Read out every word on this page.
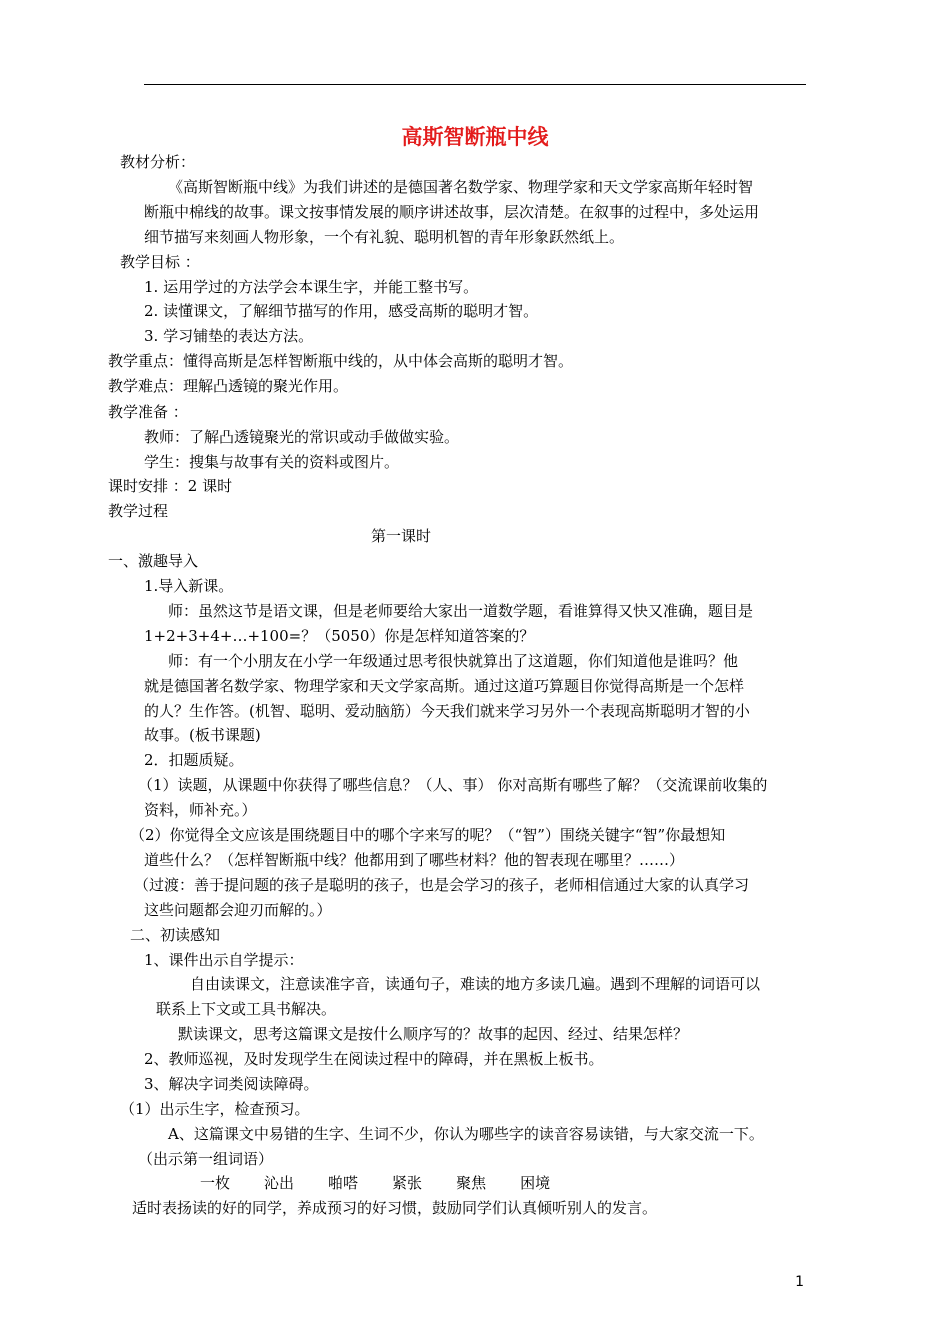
高斯智断瓶中线
教材分析：
《高斯智断瓶中线》为我们讲述的是德国著名数学家、物理学家和天文学家高斯年轻时智
断瓶中棉线的故事。课文按事情发展的顺序讲述故事，层次清楚。在叙事的过程中，多处运用
细节描写来刻画人物形象，一个有礼貌、聪明机智的青年形象跃然纸上。
教学目标 ：
1. 运用学过的方法学会本课生字，并能工整书写。
2. 读懂课文，了解细节描写的作用，感受高斯的聪明才智。
3. 学习铺垫的表达方法。
教学重点：懂得高斯是怎样智断瓶中线的，从中体会高斯的聪明才智。
教学难点：理解凸透镜的聚光作用。
教学准备 ：
教师：了解凸透镜聚光的常识或动手做做实验。
学生：搜集与故事有关的资料或图片。
课时安排 ：2 课时
教学过程
第一课时
一、激趣导入
1.导入新课。
师：虽然这节是语文课，但是老师要给大家出一道数学题，看谁算得又快又准确，题目是
1+2+3+4+…+100=？（5050）你是怎样知道答案的？
师：有一个小朋友在小学一年级通过思考很快就算出了这道题，你们知道他是谁吗？他
就是德国著名数学家、物理学家和天文学家高斯。通过这道巧算题目你觉得高斯是一个怎样
的人？生作答。(机智、聪明、爱动脑筋）今天我们就来学习另外一个表现高斯聪明才智的小
故事。(板书课题)
2．扣题质疑。
（1）读题，从课题中你获得了哪些信息？（人、事） 你对高斯有哪些了解？（交流课前收集的
资料，师补充。）
（2）你觉得全文应该是围绕题目中的哪个字来写的呢？（“智”）围绕关键字“智”你最想知
道些什么？（怎样智断瓶中线？他都用到了哪些材料？他的智表现在哪里？……）
（过渡：善于提问题的孩子是聪明的孩子，也是会学习的孩子，老师相信通过大家的认真学习
这些问题都会迎刃而解的。）
二、初读感知
1、课件出示自学提示：
自由读课文，注意读准字音，读通句子，难读的地方多读几遍。遇到不理解的词语可以
联系上下文或工具书解决。
默读课文，思考这篇课文是按什么顺序写的？故事的起因、经过、结果怎样？
2、教师巡视，及时发现学生在阅读过程中的障碍，并在黑板上板书。
3、解决字词类阅读障碍。
（1）出示生字，检查预习。
A、这篇课文中易错的生字、生词不少，你认为哪些字的读音容易读错，与大家交流一下。
（出示第一组词语）
一枚 沁出 啪嗒 紧张 聚焦 困境
适时表扬读的好的同学，养成预习的好习惯，鼓励同学们认真倾听别人的发言。
1
